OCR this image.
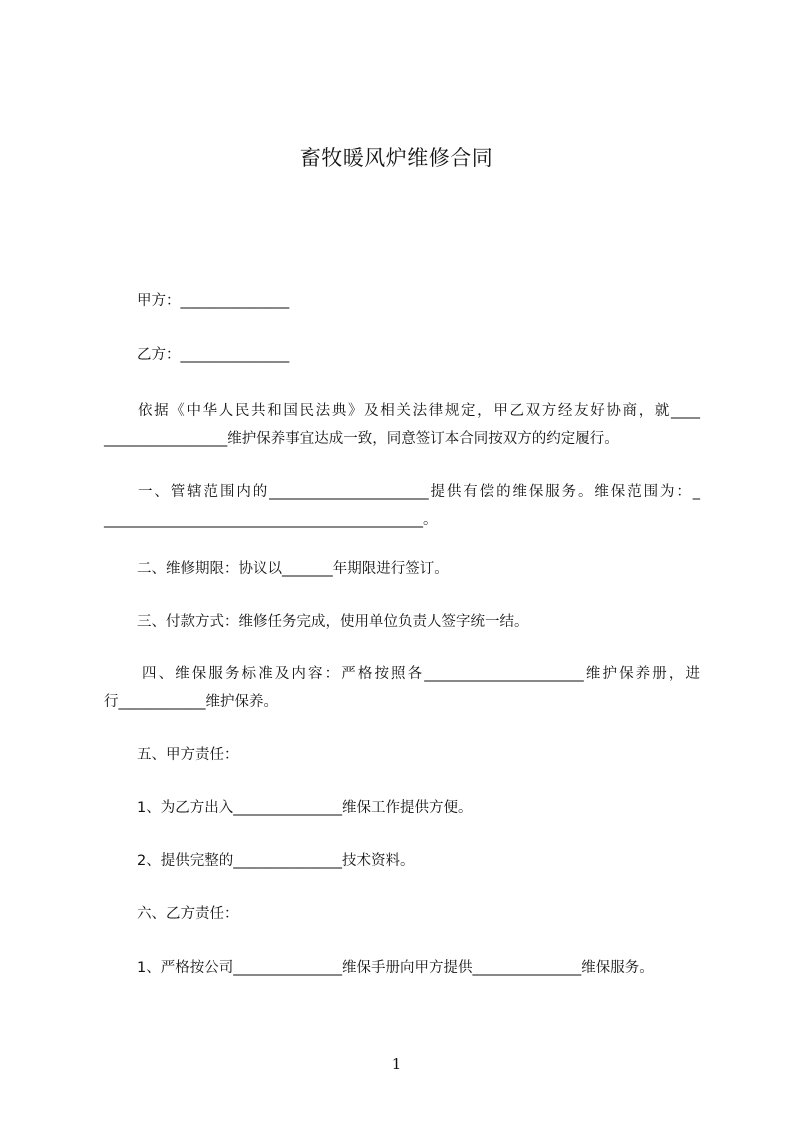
畜牧暖风炉维修合同
甲方：_______________
乙方：_______________
依据《中华人民共和国民法典》及相关法律规定，甲乙双方经友好协商，就____
_________________维护保养事宜达成一致，同意签订本合同按双方的约定履行。
一、管辖范围内的______________________提供有偿的维保服务。维保范围为：_
____________________________________________。
二、维修期限：协议以_______年期限进行签订。
三、付款方式：维修任务完成，使用单位负责人签字统一结。
四、维保服务标准及内容：严格按照各______________________维护保养册，进
行____________维护保养。
五、甲方责任：
1、为乙方出入_______________维保工作提供方便。
2、提供完整的_______________技术资料。
六、乙方责任：
1、严格按公司_______________维保手册向甲方提供_______________维保服务。
1
